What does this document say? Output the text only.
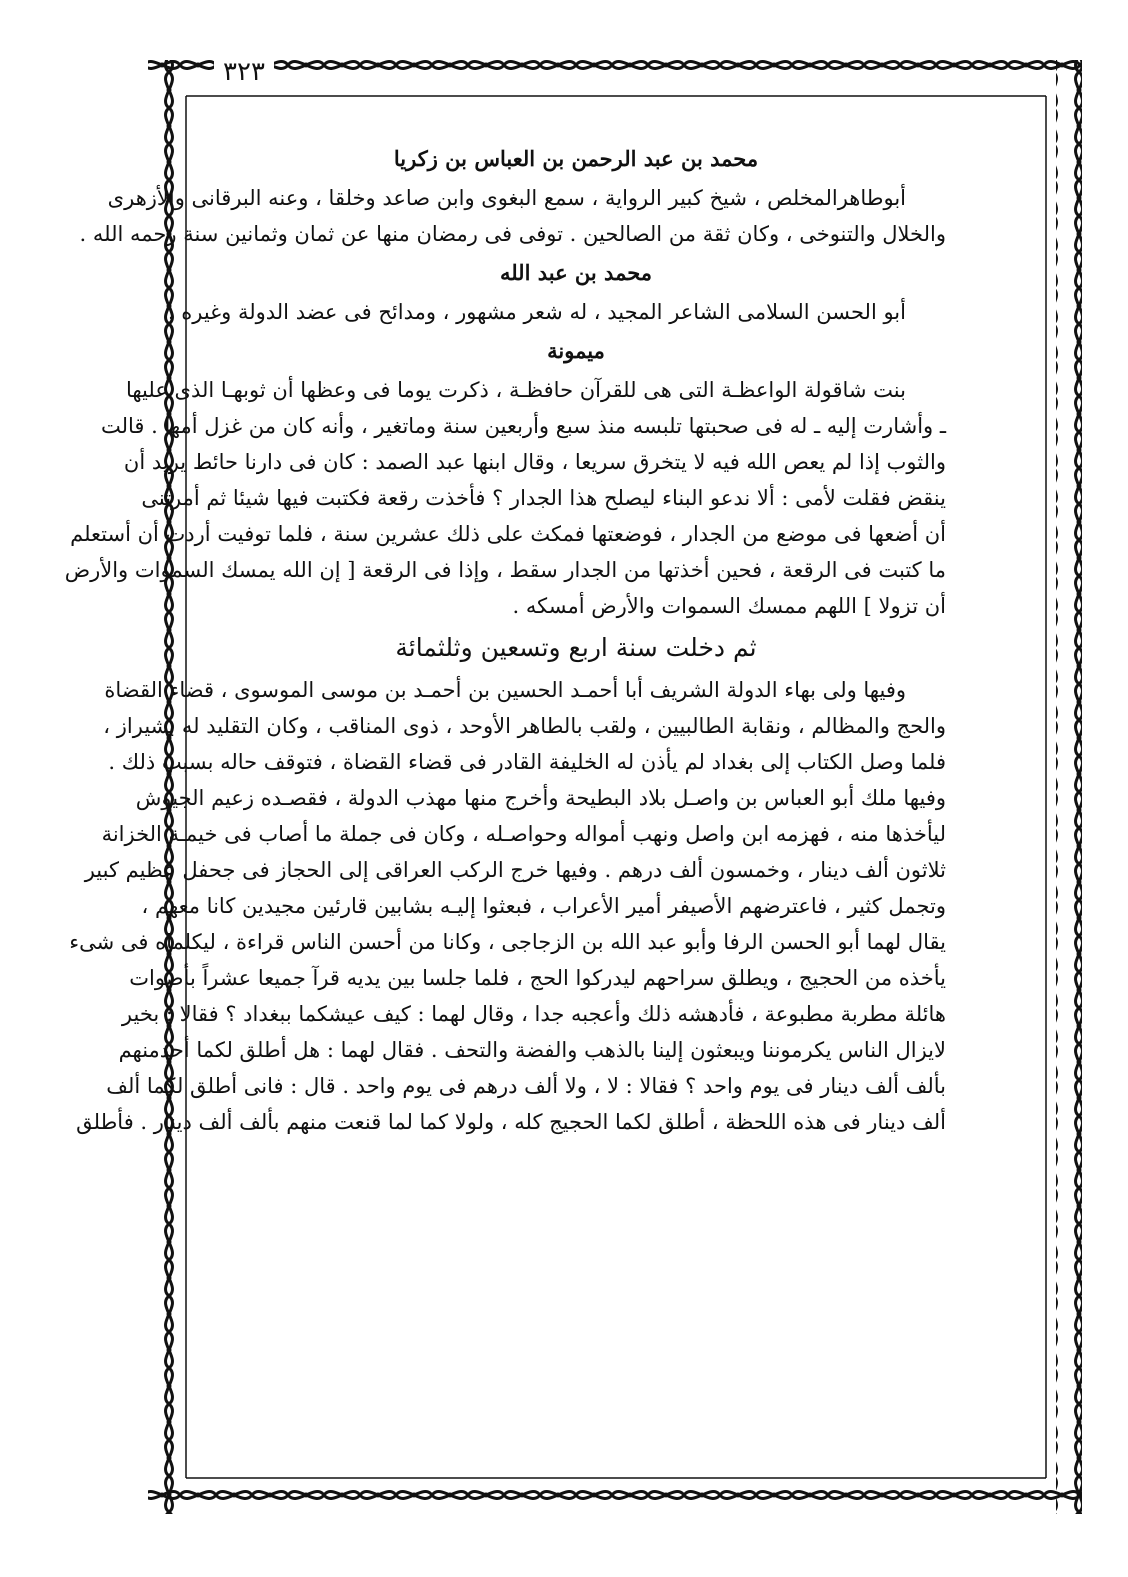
٣٢٣
محمد بن عبد الرحمن بن العباس بن زكريا
أبوطاهرالمخلص ، شيخ كبير الرواية ، سمع البغوى وابن صاعد وخلقا ، وعنه البرقانى والأزهرى
والخلال والتنوخى ، وكان ثقة من الصالحين . توفى فى رمضان منها عن ثمان وثمانين سنة رحمه الله .
محمد بن عبد الله
أبو الحسن السلامى الشاعر المجيد ، له شعر مشهور ، ومدائح فى عضد الدولة وغيره .
ميمونة
بنت شاقولة الواعظـة التى هى للقرآن حافظـة ، ذكرت يوما فى وعظها أن ثوبهـا الذى عليها
ـ وأشارت إليه ـ له فى صحبتها تلبسه منذ سبع وأربعين سنة وماتغير ، وأنه كان من غزل أمها . قالت
والثوب إذا لم يعص الله فيه لا يتخرق سريعا ، وقال ابنها عبد الصمد : كان فى دارنا حائط يريد أن
ينقض فقلت لأمى : ألا ندعو البناء ليصلح هذا الجدار ؟ فأخذت رقعة فكتبت فيها شيئا ثم أمرتنى
أن أضعها فى موضع من الجدار ، فوضعتها فمكث على ذلك عشرين سنة ، فلما توفيت أردت أن أستعلم
ما كتبت فى الرقعة ، فحين أخذتها من الجدار سقط ، وإذا فى الرقعة [ إن الله يمسك السموات والأرض
أن تزولا ] اللهم ممسك السموات والأرض أمسكه .
ثم دخلت سنة اربع وتسعين وثلثمائة
وفيها ولى بهاء الدولة الشريف أبا أحمـد الحسين بن أحمـد بن موسى الموسوى ، قضاء القضاة
والحج والمظالم ، ونقابة الطالبيين ، ولقب بالطاهر الأوحد ، ذوى المناقب ، وكان التقليد له بشيراز ،
فلما وصل الكتاب إلى بغداد لم يأذن له الخليفة القادر فى قضاء القضاة ، فتوقف حاله بسبب ذلك .
وفيها ملك أبو العباس بن واصـل بلاد البطيحة وأخرج منها مهذب الدولة ، فقصـده زعيم الجيوش
ليأخذها منه ، فهزمه ابن واصل ونهب أمواله وحواصـله ، وكان فى جملة ما أصاب فى خيمـة الخزانة
ثلاثون ألف دينار ، وخمسون ألف درهم . وفيها خرج الركب العراقى إلى الحجاز فى جحفل عظيم كبير
وتجمل كثير ، فاعترضهم الأصيفر أمير الأعراب ، فبعثوا إليـه بشابين قارئين مجيدين كانا معهم ،
يقال لهما أبو الحسن الرفا وأبو عبد الله بن الزجاجى ، وكانا من أحسن الناس قراءة ، ليكلماه فى شىء
يأخذه من الحجيج ، ويطلق سراحهم ليدركوا الحج ، فلما جلسا بين يديه قرآ جميعا عشراً بأصوات
هائلة مطربة مطبوعة ، فأدهشه ذلك وأعجبه جدا ، وقال لهما : كيف عيشكما ببغداد ؟ فقالا : بخير
لايزال الناس يكرموننا ويبعثون إلينا بالذهب والفضة والتحف . فقال لهما : هل أطلق لكما أحدمنهم
بألف ألف دينار فى يوم واحد ؟ فقالا : لا ، ولا ألف درهم فى يوم واحد . قال : فانى أطلق لكما ألف
ألف دينار فى هذه اللحظة ، أطلق لكما الحجيج كله ، ولولا كما لما قنعت منهم بألف ألف دينار . فأطلق
